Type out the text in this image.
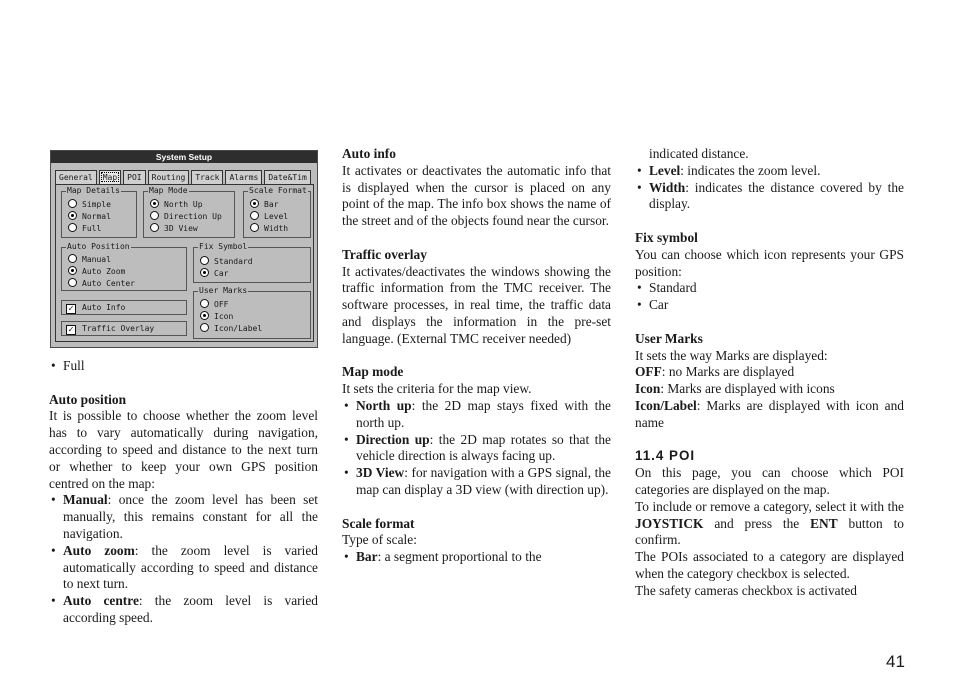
System Setup
General	Map	POI	Routing	Track	Alarms	Date&Tim
Map Details
Simple
Normal
Full
Map Mode
North Up
Direction Up
3D View
Scale Format
Bar
Level
Width
Auto Position
Manual
Auto Zoom
Auto Center
Fix Symbol
Standard
Car
User Marks
OFF
Icon
Icon/Label
✓ Auto Info
✓ Traffic Overlay
• Full
Auto position

It is possible to choose whether the zoom level has to vary automatically during navigation, according to speed and distance to the next turn or whether to keep your own GPS position centred on the map:

• Manual: once the zoom level has been set manually, this remains constant for all the navigation.
• Auto zoom: the zoom level is varied automatically according to speed and distance to next turn.
• Auto centre: the zoom level is varied according speed.
Auto info

It activates or deactivates the automatic info that is displayed when the cursor is placed on any point of the map. The info box shows the name of the street and of the objects found near the cursor.

Traffic overlay

It activates/deactivates the windows showing the traffic information from the TMC receiver. The software processes, in real time, the traffic data and displays the information in the pre-set language. (External TMC receiver needed)

Map mode

It sets the criteria for the map view.

• North up: the 2D map stays fixed with the north up.
• Direction up: the 2D map rotates so that the vehicle direction is always facing up.
• 3D View: for navigation with a GPS signal, the map can display a 3D view (with direction up).
Scale format

Type of scale:

• Bar: a segment proportional to the

indicated distance.

• Level: indicates the zoom level.
• Width: indicates the distance covered by the display.
Fix symbol

You can choose which icon represents your GPS position:

• Standard
• Car
User Marks

It sets the way Marks are displayed:

OFF: no Marks are displayed

Icon: Marks are displayed with icons

Icon/Label: Marks are displayed with icon and name

11.4 POI

On this page, you can choose which POI categories are displayed on the map.

To include or remove a category, select it with the JOYSTICK and press the ENT button to confirm.

The POIs associated to a category are displayed when the category checkbox is selected.

The safety cameras checkbox is activated

41
